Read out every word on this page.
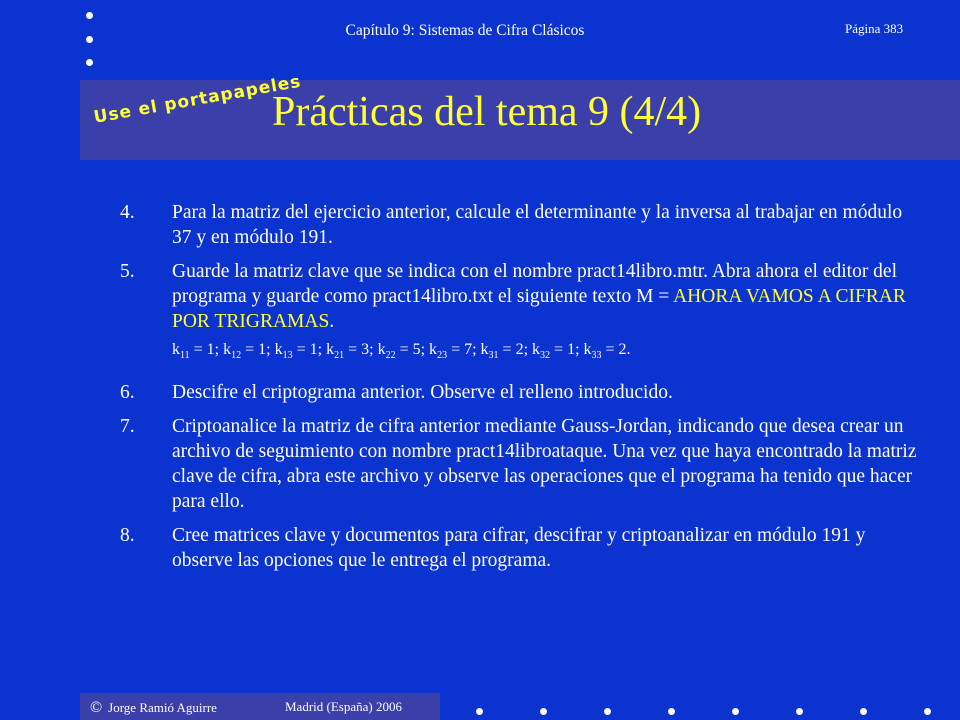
Capítulo 9: Sistemas de Cifra Clásicos	Página 383
Use el portapapeles
Prácticas del tema 9 (4/4)
4.	Para la matriz del ejercicio anterior, calcule el determinante y la inversa al trabajar en módulo 37 y en módulo 191.
5.	Guarde la matriz clave que se indica con el nombre pract14libro.mtr. Abra ahora el editor del programa y guarde como pract14libro.txt el siguiente texto M = AHORA VAMOS A CIFRAR POR TRIGRAMAS.
$k_{11} = 1$; $k_{12} = 1$; $k_{13} = 1$; $k_{21} = 3$; $k_{22} = 5$; $k_{23} = 7$; $k_{31} = 2$; $k_{32} = 1$; $k_{33} = 2$.
6.	Descifre el criptograma anterior. Observe el relleno introducido.
7.	Criptoanalice la matriz de cifra anterior mediante Gauss-Jordan, indicando que desea crear un archivo de seguimiento con nombre pract14libroataque. Una vez que haya encontrado la matriz clave de cifra, abra este archivo y observe las operaciones que el programa ha tenido que hacer para ello.
8.	Cree matrices clave y documentos para cifrar, descifrar y criptoanalizar en módulo 191 y observe las opciones que le entrega el programa.
© Jorge Ramió Aguirre	Madrid (España) 2006
